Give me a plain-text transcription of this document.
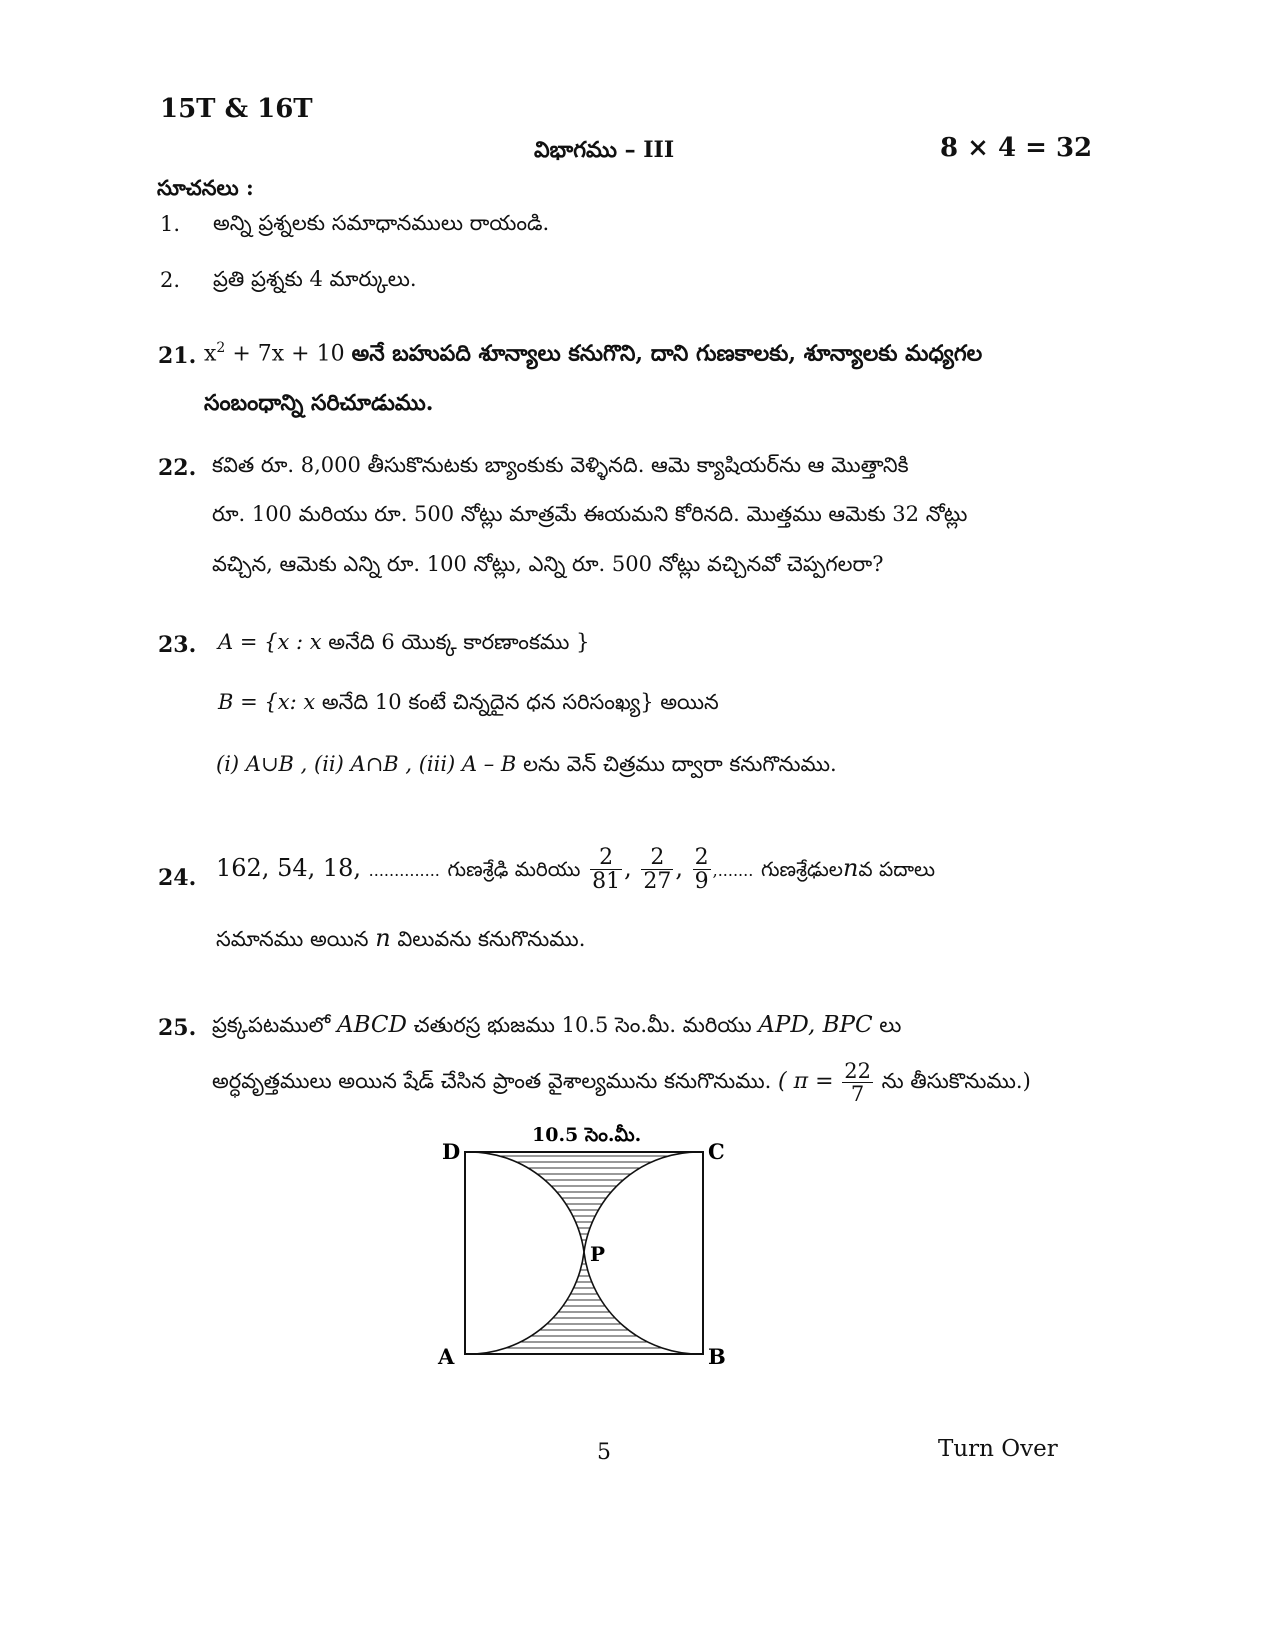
15T & 16T
విభాగము – III	8 × 4 = 32
సూచనలు :
1. అన్ని ప్రశ్నలకు సమాధానములు రాయండి.
2. ప్రతి ప్రశ్నకు 4 మార్కులు.
21. $x^2 + 7x + 10$ అనే బహుపది శూన్యాలు కనుగొని, దాని గుణకాలకు, శూన్యాలకు మధ్యగల
సంబంధాన్ని సరిచూడుము.
22. కవిత రూ. 8,000 తీసుకొనుటకు బ్యాంకుకు వెళ్ళినది. ఆమె క్యాషియర్‌ను ఆ మొత్తానికి
రూ. 100 మరియు రూ. 500 నోట్లు మాత్రమే ఈయమని కోరినది. మొత్తము ఆమెకు 32 నోట్లు
వచ్చిన, ఆమెకు ఎన్ని రూ. 100 నోట్లు, ఎన్ని రూ. 500 నోట్లు వచ్చినవో చెప్పగలరా?
23. A = {x : x అనేది 6 యొక్క కారణాంకము }
B = {x: x అనేది 10 కంటే చిన్నదైన ధన సరిసంఖ్య} అయిన
(i) A∪B , (ii) A∩B , (iii) A – B లను వెన్ చిత్రము ద్వారా కనుగొనుము.
24. 162, 54, 18, .............. గుణశ్రేఢి మరియు $\frac{2}{81}$ , $\frac{2}{27}$ , $\frac{2}{9}$ ,....... గుణశ్రేఢులnవ పదాలు
సమానము అయిన n విలువను కనుగొనుము.
25. ప్రక్కపటములో ABCD చతురస్ర భుజము 10.5 సెం.మీ. మరియు APD, BPC లు
అర్ధవృత్తములు అయిన షేడ్ చేసిన ప్రాంత వైశాల్యమును కనుగొనుము. ( $\pi = \frac{22}{7}$ ను తీసుకొనుము.)
10.5 సెం.మీ.
D	C
A	B
P
5	Turn Over
